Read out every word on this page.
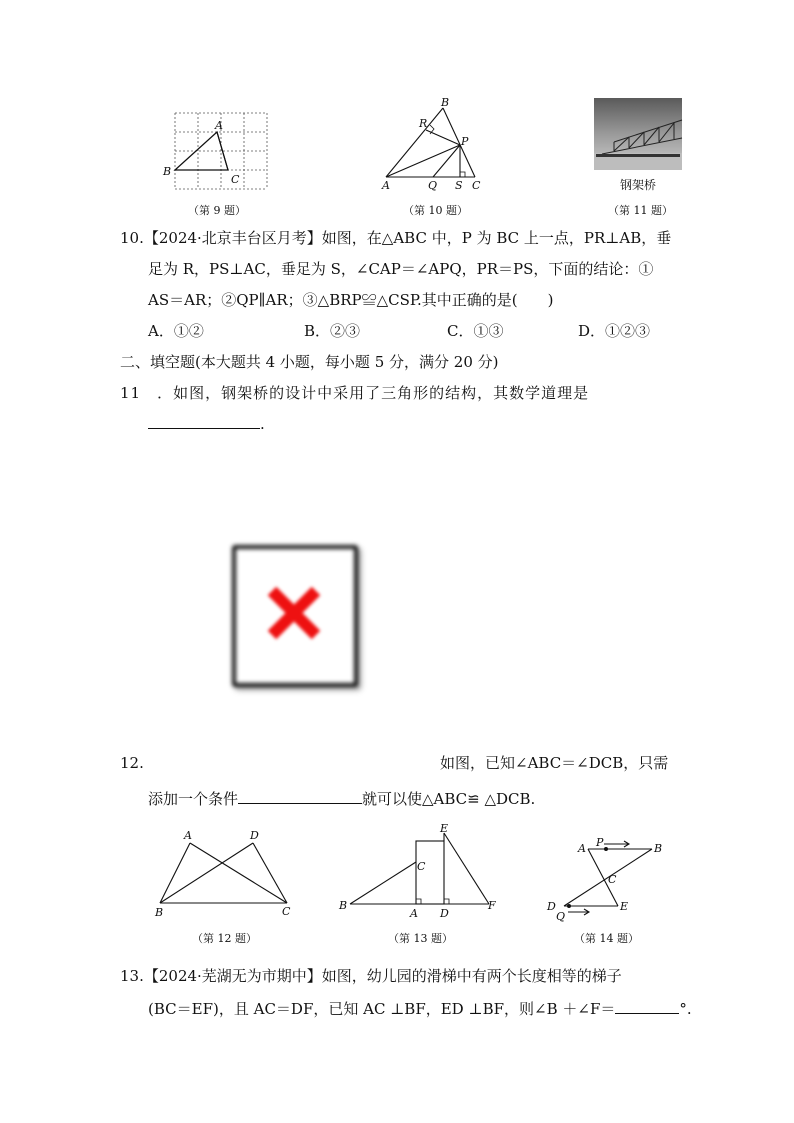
A
B
C
（第 9 题）
B
R
P
A	Q S C
（第 10 题）
钢架桥
（第 11 题）
10.【2024·北京丰台区月考】如图，在△ABC 中，P 为 BC 上一点，PR⊥AB，垂
足为 R，PS⊥AC，垂足为 S，∠CAP＝∠APQ，PR＝PS，下面的结论：①
AS＝AR；②QP∥AR；③△BRP≌△CSP.其中正确的是(　　)
A．①②	B．②③	C．①③	D．①②③
二、填空题(本大题共 4 小题，每小题 5 分，满分 20 分)
11　．如图，钢架桥的设计中采用了三角形的结构，其数学道理是
.
12.	如图，已知∠ABC＝∠DCB，只需
添加一个条件	就可以使△ABC≌ △DCB.
A	D
B	C
（第 12 题）
E
C
B
A D
F
（第 13 题）
A P	B
C
D
Q
E
（第 14 题）
13.【2024·芜湖无为市期中】如图，幼儿园的滑梯中有两个长度相等的梯子
(BC＝EF)，且 AC＝DF，已知 AC ⊥BF，ED ⊥BF，则∠B ＋∠F＝	°.
